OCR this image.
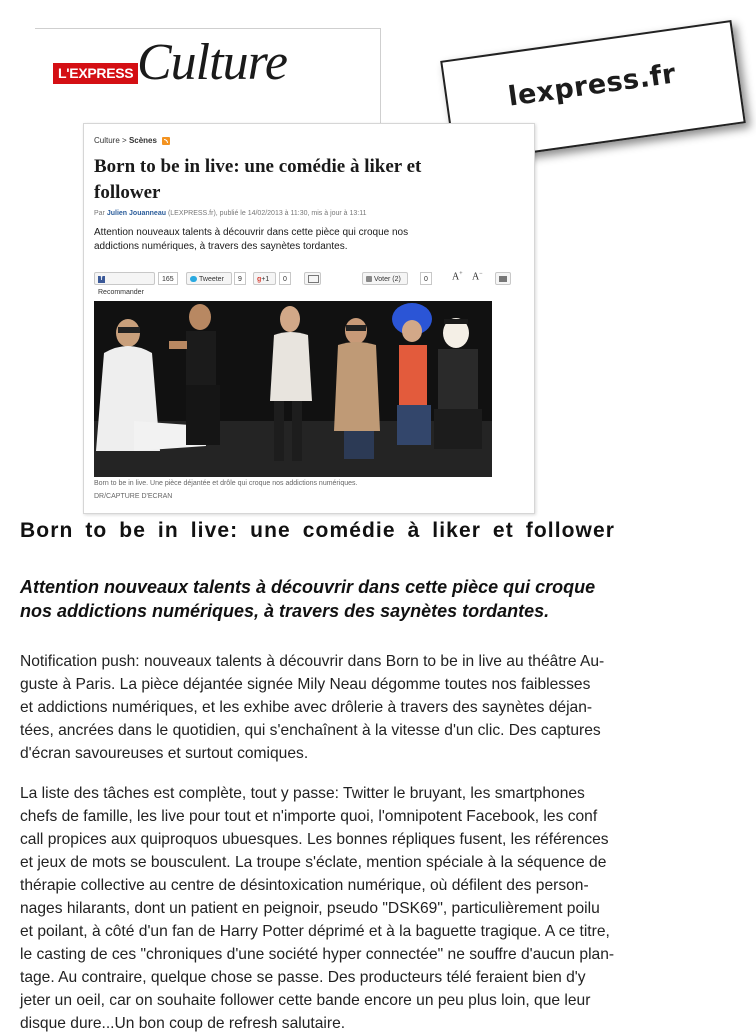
L'EXPRESS Culture	lexpress.fr
Culture > Scènes
Born to be in live: une comédie à liker et
follower
Par Julien Jouanneau (LEXPRESS.fr), publié le 14/02/2013 à 11:30, mis à jour à 13:11
Attention nouveaux talents à découvrir dans cette pièce qui croque nos
addictions numériques, à travers des saynètes tordantes.
fRecommander
165	Tweeter	9	g+1	0	Voter (2)	0	A+ A−
Born to be in live. Une pièce déjantée et drôle qui croque nos addictions numériques.
DR/CAPTURE D'ECRAN
Born to be in live: une comédie à liker et follower
Attention nouveaux talents à découvrir dans cette pièce qui croque
nos addictions numériques, à travers des saynètes tordantes.
Notification push: nouveaux talents à découvrir dans Born to be in live au théâtre Au-
guste à Paris. La pièce déjantée signée Mily Neau dégomme toutes nos faiblesses
et addictions numériques, et les exhibe avec drôlerie à travers des saynètes déjan-
tées, ancrées dans le quotidien, qui s'enchaînent à la vitesse d'un clic. Des captures
d'écran savoureuses et surtout comiques.
La liste des tâches est complète, tout y passe: Twitter le bruyant, les smartphones
chefs de famille, les live pour tout et n'importe quoi, l'omnipotent Facebook, les conf
call propices aux quiproquos ubuesques. Les bonnes répliques fusent, les références
et jeux de mots se bousculent. La troupe s'éclate, mention spéciale à la séquence de
thérapie collective au centre de désintoxication numérique, où défilent des person-
nages hilarants, dont un patient en peignoir, pseudo "DSK69", particulièrement poilu
et poilant, à côté d'un fan de Harry Potter déprimé et à la baguette tragique. A ce titre,
le casting de ces "chroniques d'une société hyper connectée" ne souffre d'aucun plan-
tage. Au contraire, quelque chose se passe. Des producteurs télé feraient bien d'y
jeter un oeil, car on souhaite follower cette bande encore un peu plus loin, que leur
disque dure...Un bon coup de refresh salutaire.
